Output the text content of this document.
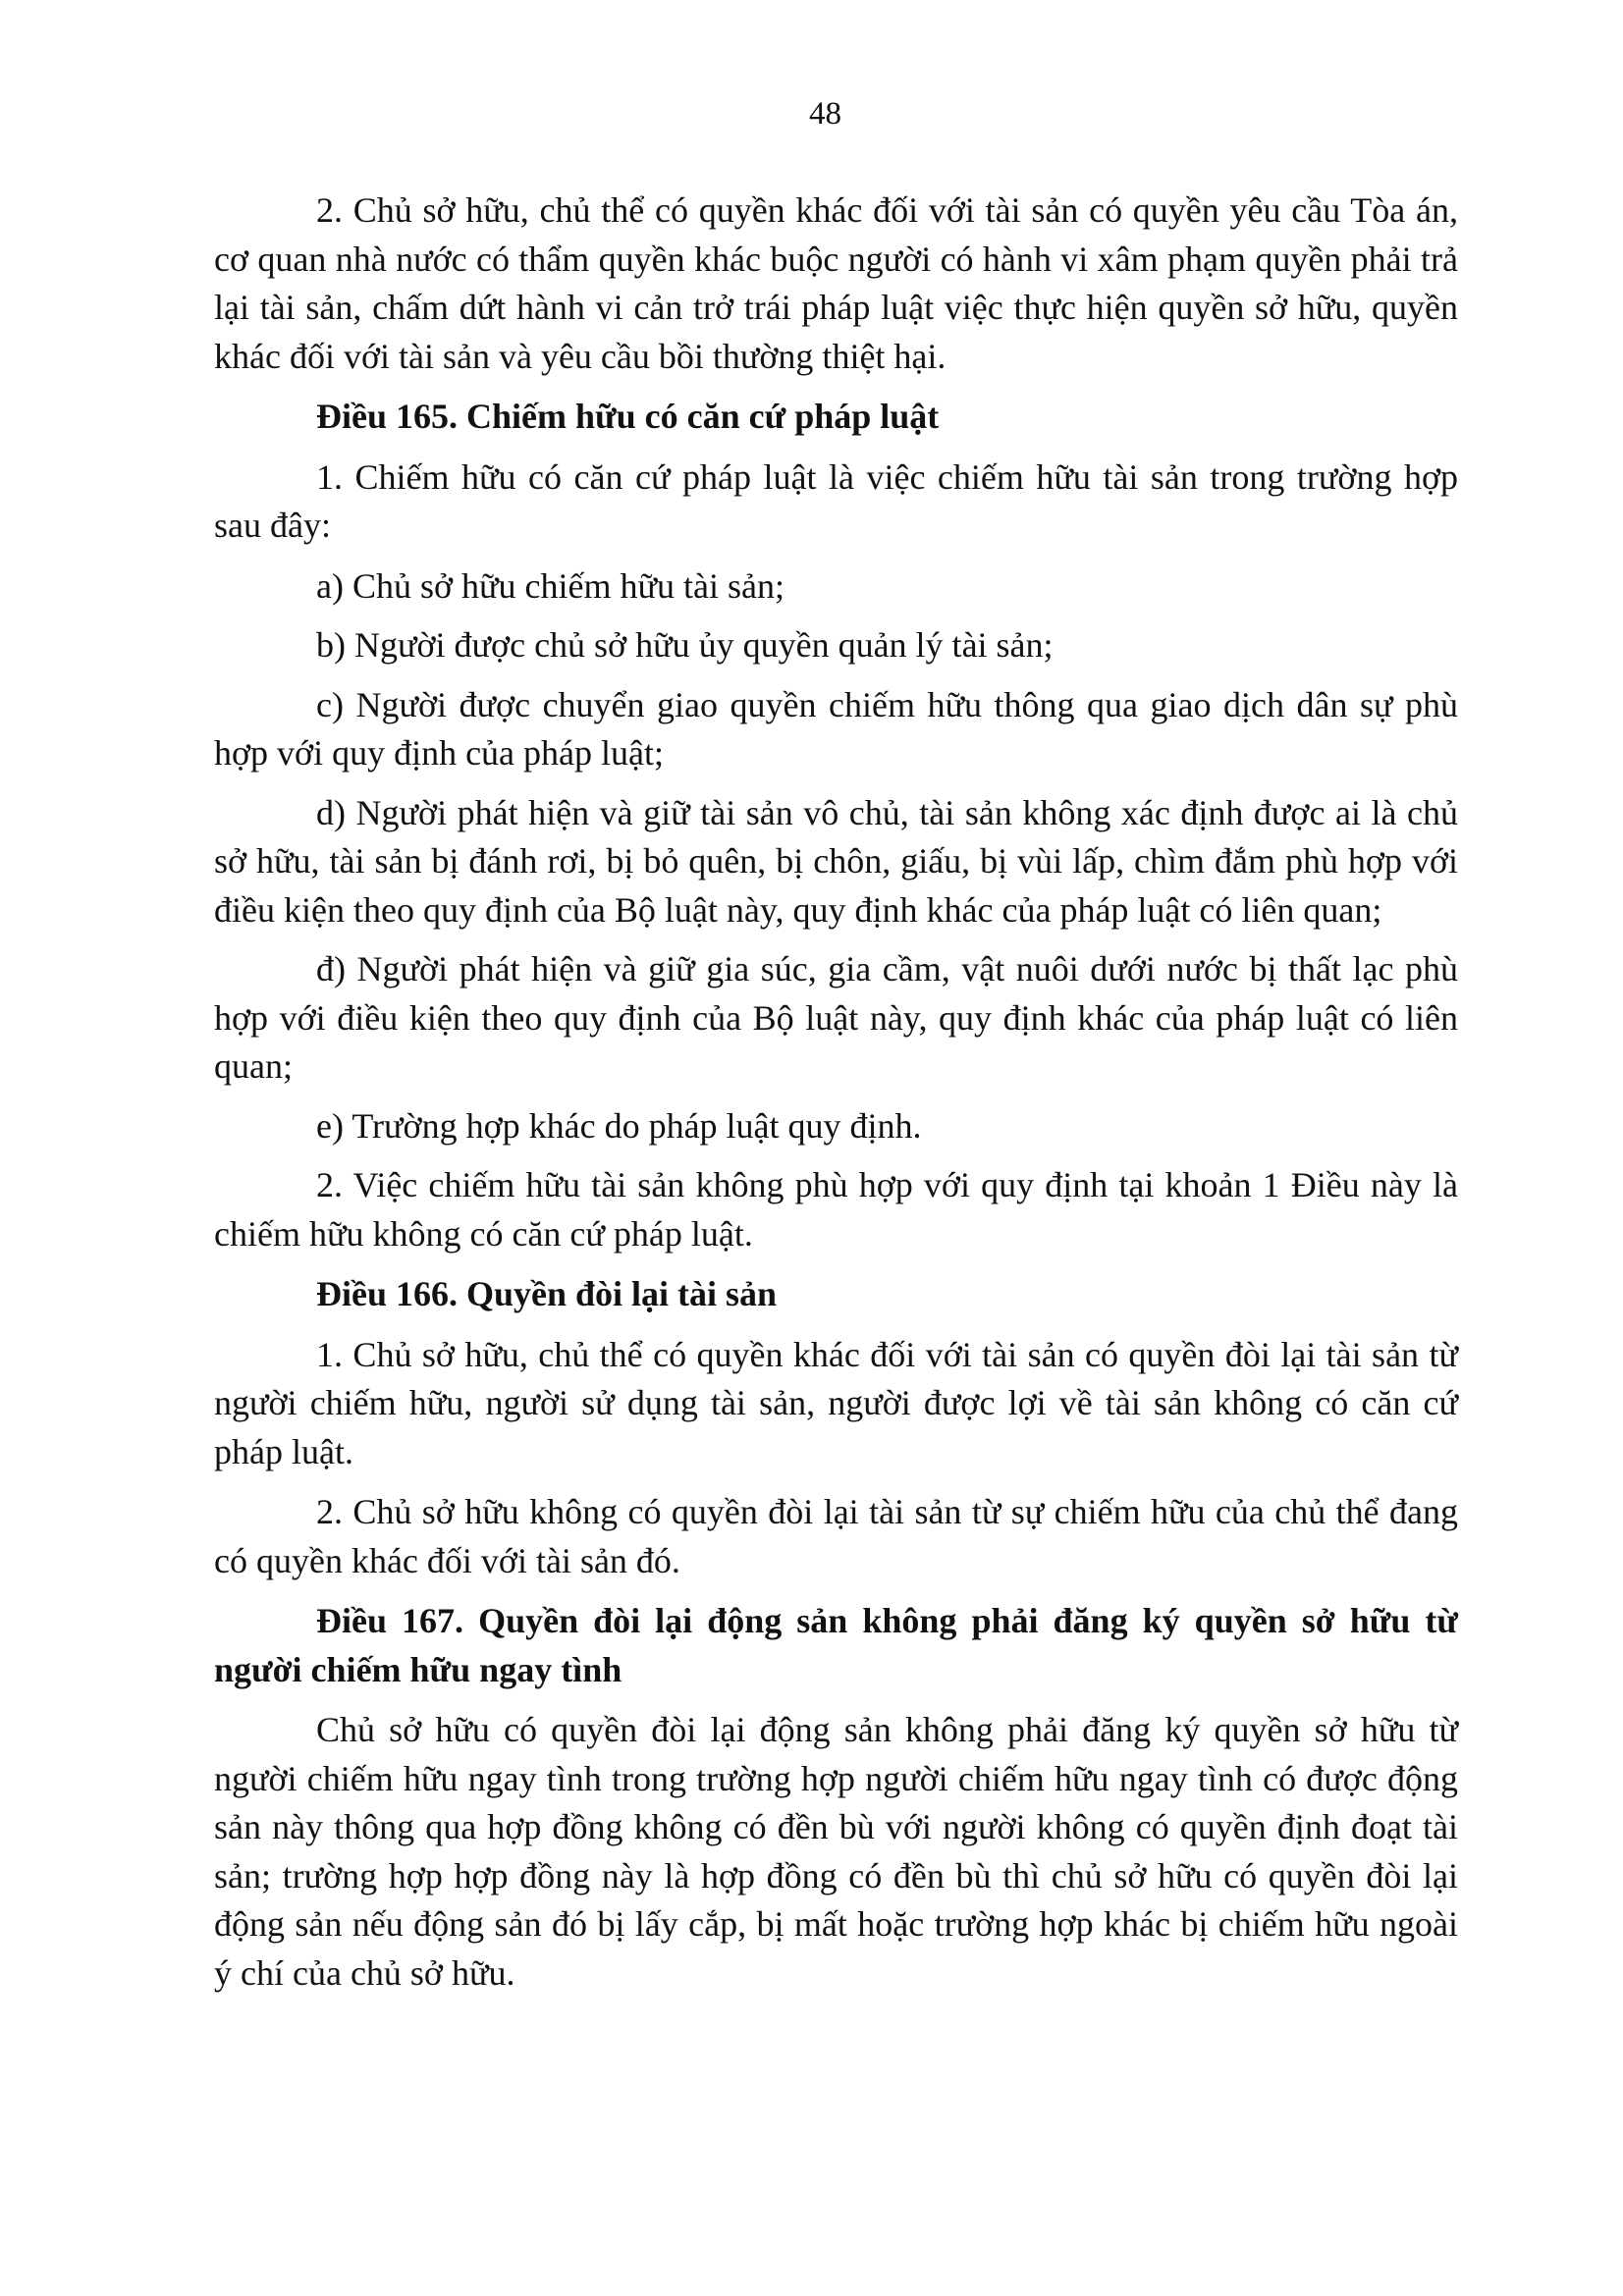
48

2. Chủ sở hữu, chủ thể có quyền khác đối với tài sản có quyền yêu cầu Tòa án, cơ quan nhà nước có thẩm quyền khác buộc người có hành vi xâm phạm quyền phải trả lại tài sản, chấm dứt hành vi cản trở trái pháp luật việc thực hiện quyền sở hữu, quyền khác đối với tài sản và yêu cầu bồi thường thiệt hại.

Điều 165. Chiếm hữu có căn cứ pháp luật

1. Chiếm hữu có căn cứ pháp luật là việc chiếm hữu tài sản trong trường hợp sau đây:

a) Chủ sở hữu chiếm hữu tài sản;

b) Người được chủ sở hữu ủy quyền quản lý tài sản;

c) Người được chuyển giao quyền chiếm hữu thông qua giao dịch dân sự phù hợp với quy định của pháp luật;

d) Người phát hiện và giữ tài sản vô chủ, tài sản không xác định được ai là chủ sở hữu, tài sản bị đánh rơi, bị bỏ quên, bị chôn, giấu, bị vùi lấp, chìm đắm phù hợp với điều kiện theo quy định của Bộ luật này, quy định khác của pháp luật có liên quan;

đ) Người phát hiện và giữ gia súc, gia cầm, vật nuôi dưới nước bị thất lạc phù hợp với điều kiện theo quy định của Bộ luật này, quy định khác của pháp luật có liên quan;

e) Trường hợp khác do pháp luật quy định.

2. Việc chiếm hữu tài sản không phù hợp với quy định tại khoản 1 Điều này là chiếm hữu không có căn cứ pháp luật.

Điều 166. Quyền đòi lại tài sản

1. Chủ sở hữu, chủ thể có quyền khác đối với tài sản có quyền đòi lại tài sản từ người chiếm hữu, người sử dụng tài sản, người được lợi về tài sản không có căn cứ pháp luật.

2. Chủ sở hữu không có quyền đòi lại tài sản từ sự chiếm hữu của chủ thể đang có quyền khác đối với tài sản đó.

Điều 167. Quyền đòi lại động sản không phải đăng ký quyền sở hữu từ người chiếm hữu ngay tình

Chủ sở hữu có quyền đòi lại động sản không phải đăng ký quyền sở hữu từ người chiếm hữu ngay tình trong trường hợp người chiếm hữu ngay tình có được động sản này thông qua hợp đồng không có đền bù với người không có quyền định đoạt tài sản; trường hợp hợp đồng này là hợp đồng có đền bù thì chủ sở hữu có quyền đòi lại động sản nếu động sản đó bị lấy cắp, bị mất hoặc trường hợp khác bị chiếm hữu ngoài ý chí của chủ sở hữu.
